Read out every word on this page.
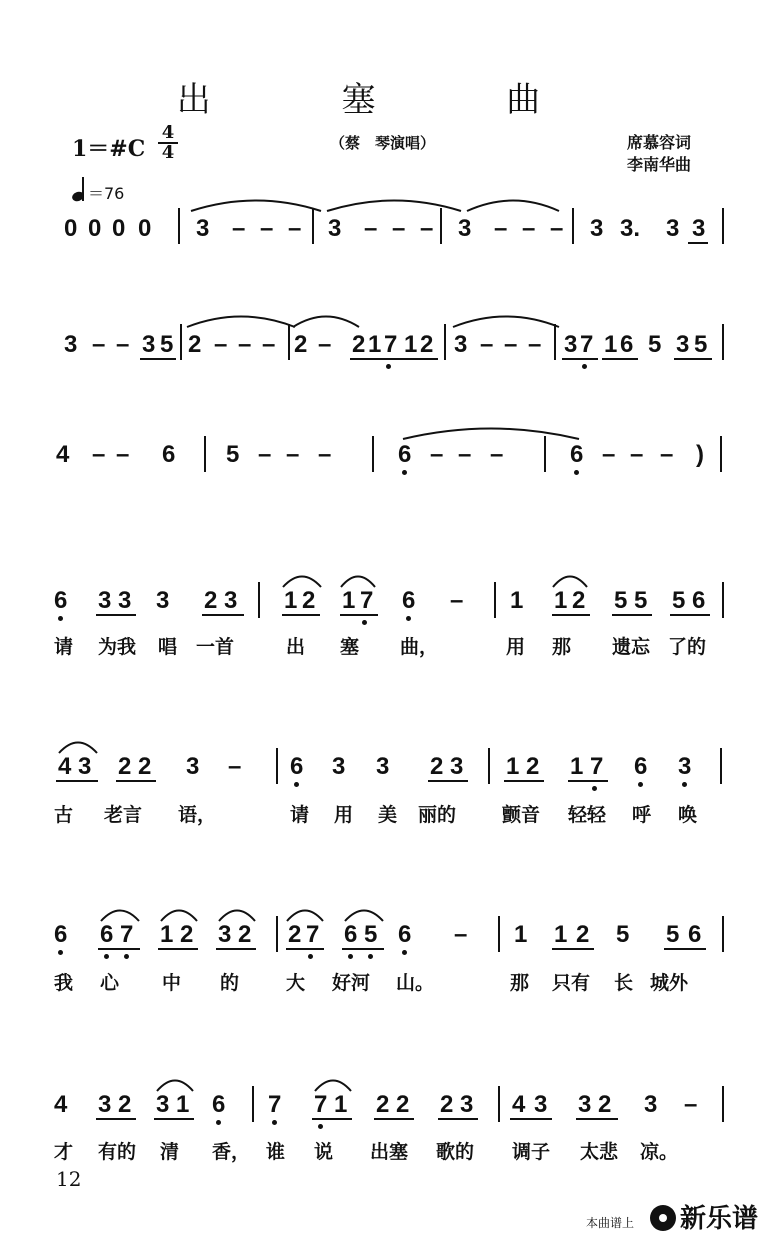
出 塞 曲
1＝#C $\frac{4}{4}$
＝76
（蔡　琴演唱）	席慕容词
李南华曲
12
本曲谱上	新乐谱
0 0 0 0 3 – – – 3 – – – 3 – – – 3 3. 3 3
3 – – 3 5 2 – – – 2 – 2 1 7 1 2 3 – – – 3 7 1 6 5 3 5
4 – – 6 5 – – –	6 – – –	6 – – – )
6 3 3 3 2 3 1 2 1 7 6 – 1 1 2 5 5 5 6
4 3 2 2 3 – 6 3 3 2 3 1 2 1 7 6 3
6 6 7 1 2 3 2 2 7 6 5 6 – 1 1 2 5 5 6
4 3 2 3 1 6 7 7 1 2 2 2 3 4 3 3 2 3 –
请 为我 唱 一首	出 塞 曲，	用 那 遗忘 了的
古 老言 语，	请 用 美 丽的 颤音 轻轻 呼 唤
我 心 中 的 大 好河 山。	那 只有 长 城外
才 有的 清 香， 谁 说 出塞 歌的 调子 太悲 凉。
